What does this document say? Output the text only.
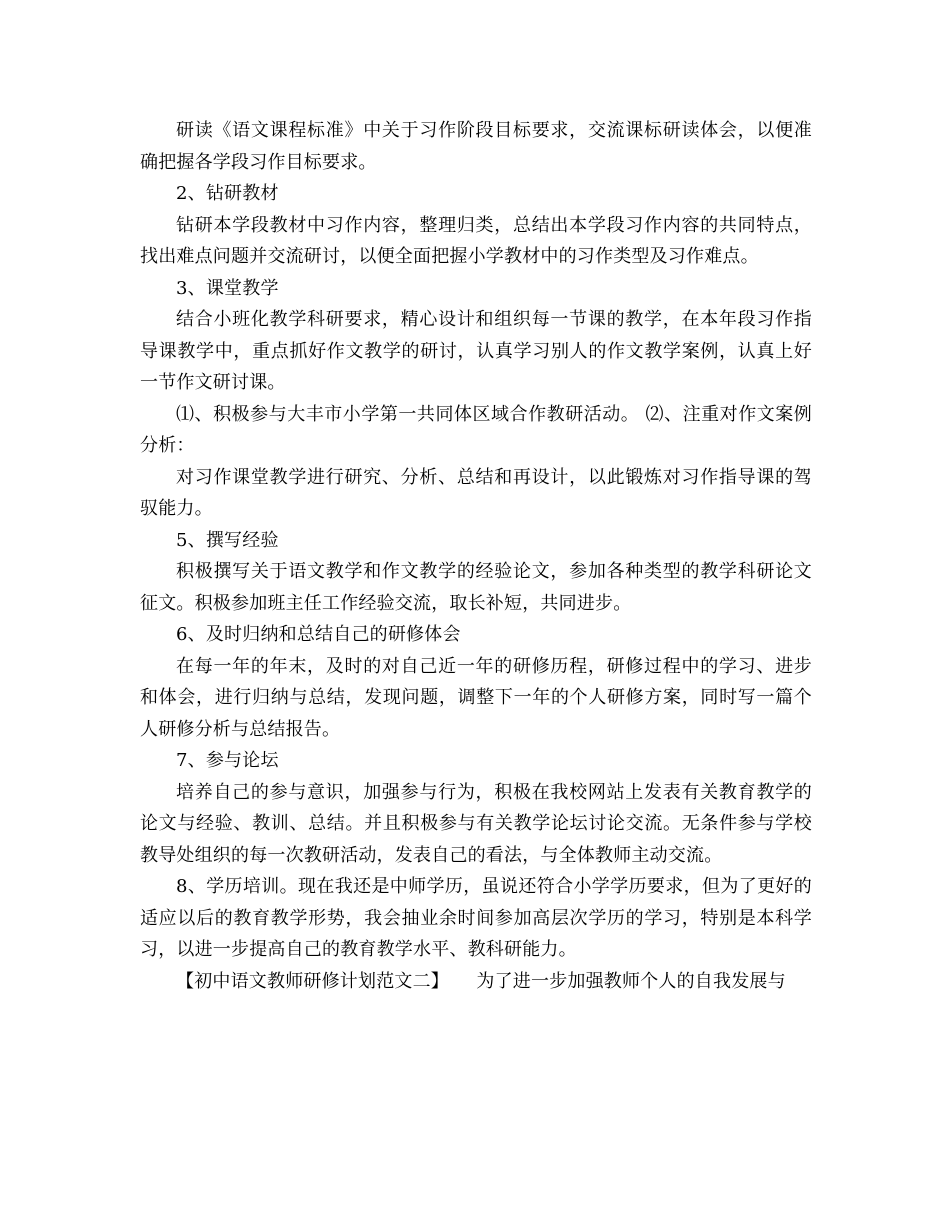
研读《语文课程标准》中关于习作阶段目标要求，交流课标研读体会，以便准确把握各学段习作目标要求。

2、钻研教材

钻研本学段教材中习作内容，整理归类，总结出本学段习作内容的共同特点，找出难点问题并交流研讨，以便全面把握小学教材中的习作类型及习作难点。

3、课堂教学

结合小班化教学科研要求，精心设计和组织每一节课的教学，在本年段习作指导课教学中，重点抓好作文教学的研讨，认真学习别人的作文教学案例，认真上好一节作文研讨课。

⑴、积极参与大丰市小学第一共同体区域合作教研活动。 ⑵、注重对作文案例分析：

对习作课堂教学进行研究、分析、总结和再设计，以此锻炼对习作指导课的驾驭能力。

5、撰写经验

积极撰写关于语文教学和作文教学的经验论文，参加各种类型的教学科研论文征文。积极参加班主任工作经验交流，取长补短，共同进步。

6、及时归纳和总结自己的研修体会

在每一年的年末，及时的对自己近一年的研修历程，研修过程中的学习、进步和体会，进行归纳与总结，发现问题，调整下一年的个人研修方案，同时写一篇个人研修分析与总结报告。

7、参与论坛

培养自己的参与意识，加强参与行为，积极在我校网站上发表有关教育教学的论文与经验、教训、总结。并且积极参与有关教学论坛讨论交流。无条件参与学校教导处组织的每一次教研活动，发表自己的看法，与全体教师主动交流。

8、学历培训。现在我还是中师学历，虽说还符合小学学历要求，但为了更好的适应以后的教育教学形势，我会抽业余时间参加高层次学历的学习，特别是本科学习，以进一步提高自己的教育教学水平、教科研能力。

【初中语文教师研修计划范文二】　　为了进一步加强教师个人的自我发展与
